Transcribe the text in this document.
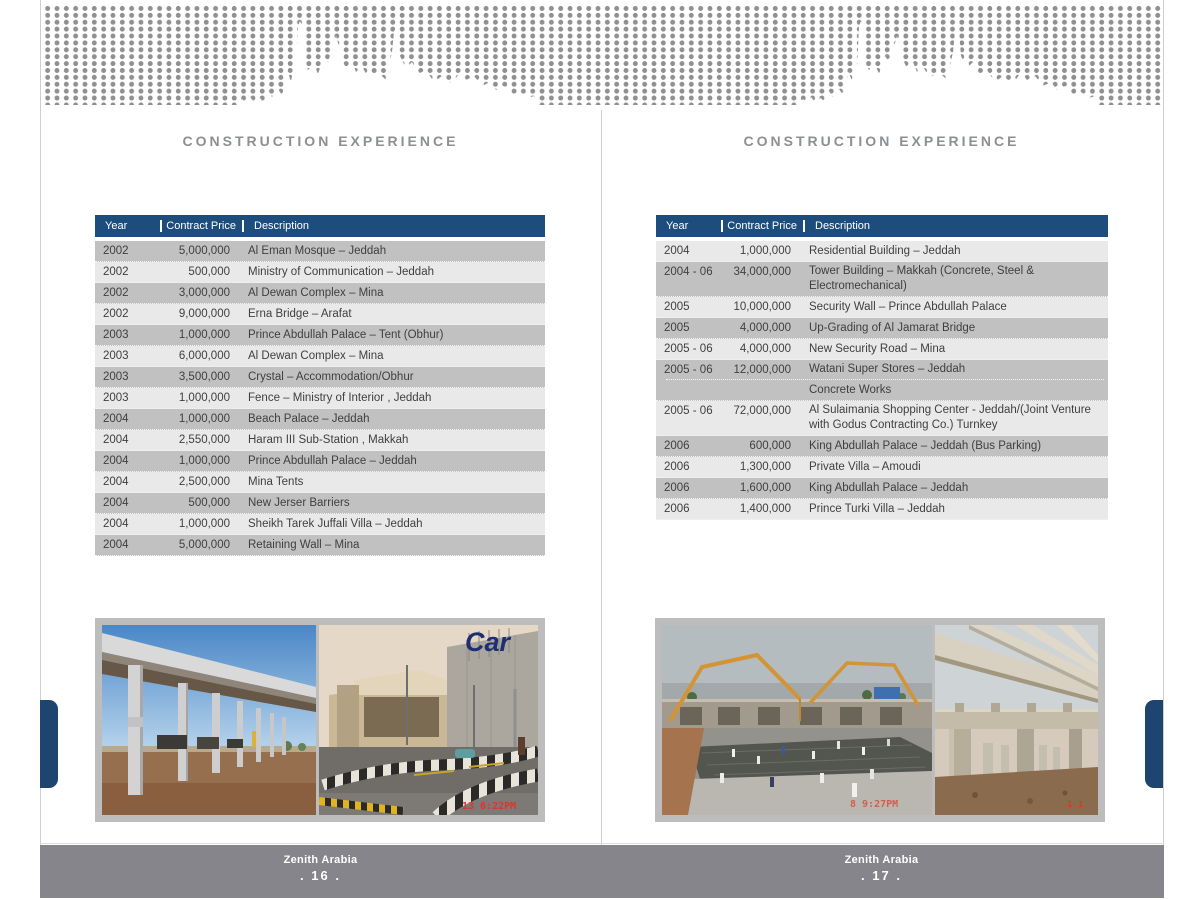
CONSTRUCTION EXPERIENCE	CONSTRUCTION EXPERIENCE
Year	Contract Price	Description
2002	5,000,000	Al Eman Mosque – Jeddah
2002	500,000	Ministry of Communication – Jeddah
2002	3,000,000	Al Dewan Complex – Mina
2002	9,000,000	Erna Bridge – Arafat
2003	1,000,000	Prince Abdullah Palace – Tent (Obhur)
2003	6,000,000	Al Dewan Complex – Mina
2003	3,500,000	Crystal – Accommodation/Obhur
2003	1,000,000	Fence – Ministry of Interior , Jeddah
2004	1,000,000	Beach Palace – Jeddah
2004	2,550,000	Haram III Sub-Station , Makkah
2004	1,000,000	Prince Abdullah Palace – Jeddah
2004	2,500,000	Mina Tents
2004	500,000	New Jerser Barriers
2004	1,000,000	Sheikh Tarek Juffali Villa – Jeddah
2004	5,000,000	Retaining Wall – Mina
Year	Contract Price	Description
2004	1,000,000	Residential Building – Jeddah
2004 - 06	34,000,000	Tower Building – Makkah (Concrete, Steel & Electromechanical)
2005	10,000,000	Security Wall – Prince Abdullah Palace
2005	4,000,000	Up-Grading of Al Jamarat Bridge
2005 - 06	4,000,000	New Security Road – Mina
2005 - 06	12,000,000	Watani Super Stores – Jeddah
Concrete Works
2005 - 06	72,000,000	Al Sulaimania Shopping Center - Jeddah/(Joint Venture with Godus Contracting Co.) Turnkey
2006	600,000	King Abdullah Palace – Jeddah (Bus Parking)
2006	1,300,000	Private Villa – Amoudi
2006	1,600,000	King Abdullah Palace – Jeddah
2006	1,400,000	Prince Turki Villa – Jeddah
Car
13 6:22PM	8 9:27PM	1 1
Zenith Arabia
. 16 .
Zenith Arabia
. 17 .
